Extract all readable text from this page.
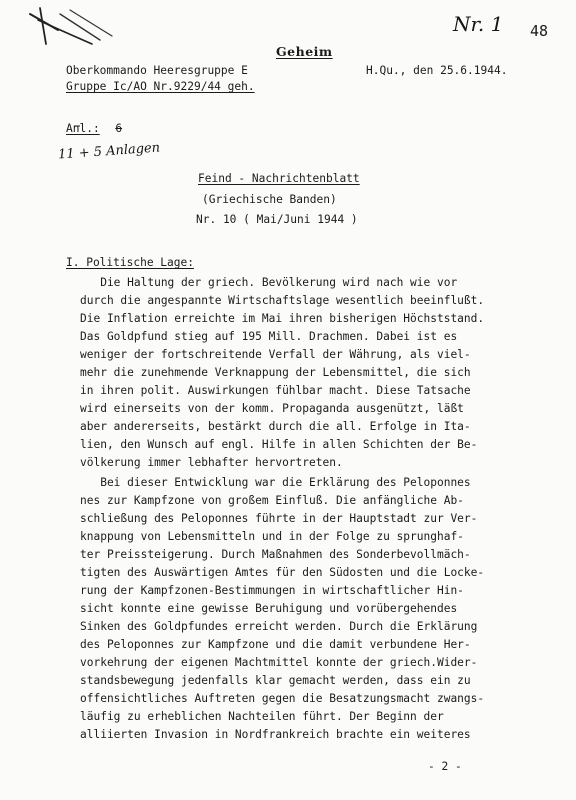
Nr. 1 48
Geheim
Oberkommando Heeresgruppe E
Gruppe Ic/AO Nr.9229/44 geh.
H.Qu., den 25.6.1944.
Anl.: 6
11 + 5 Anlagen
Feind - Nachrichtenblatt
(Griechische Banden)
Nr. 10 ( Mai/Juni 1944 )
I. Politische Lage:
Die Haltung der griech. Bevölkerung wird nach wie vor
durch die angespannte Wirtschaftslage wesentlich beeinflußt.
Die Inflation erreichte im Mai ihren bisherigen Höchststand.
Das Goldpfund stieg auf 195 Mill. Drachmen. Dabei ist es
weniger der fortschreitende Verfall der Währung, als viel-
mehr die zunehmende Verknappung der Lebensmittel, die sich
in ihren polit. Auswirkungen fühlbar macht. Diese Tatsache
wird einerseits von der komm. Propaganda ausgenützt, läßt
aber andererseits, bestärkt durch die all. Erfolge in Ita-
lien, den Wunsch auf engl. Hilfe in allen Schichten der Be-
völkerung immer lebhafter hervortreten.
Bei dieser Entwicklung war die Erklärung des Peloponnes
nes zur Kampfzone von großem Einfluß. Die anfängliche Ab-
schließung des Peloponnes führte in der Hauptstadt zur Ver-
knappung von Lebensmitteln und in der Folge zu sprunghaf-
ter Preissteigerung. Durch Maßnahmen des Sonderbevollmäch-
tigten des Auswärtigen Amtes für den Südosten und die Locke-
rung der Kampfzonen-Bestimmungen in wirtschaftlicher Hin-
sicht konnte eine gewisse Beruhigung und vorübergehendes
Sinken des Goldpfundes erreicht werden. Durch die Erklärung
des Peloponnes zur Kampfzone und die damit verbundene Her-
vorkehrung der eigenen Machtmittel konnte der griech.Wider-
standsbewegung jedenfalls klar gemacht werden, dass ein zu
offensichtliches Auftreten gegen die Besatzungsmacht zwangs-
läufig zu erheblichen Nachteilen führt. Der Beginn der
alliierten Invasion in Nordfrankreich brachte ein weiteres
- 2 -
